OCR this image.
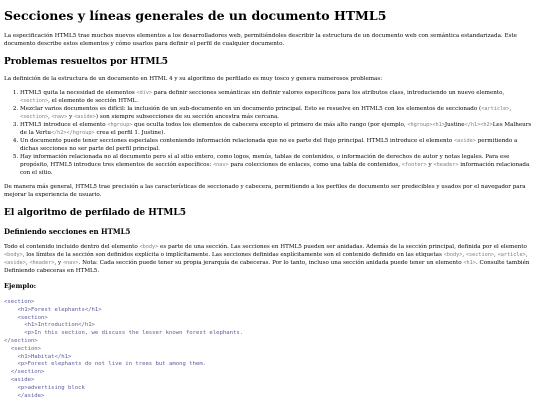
Secciones y líneas generales de un documento HTML5

La especificación HTML5 trae muchos nuevos elementos a los desarrolladores web, permitiéndoles describir la estructura de un documento web con semántica estandarizada. Este documento describe estos elementos y cómo usarlos para definir el perfil de cualquier documento.

Problemas resueltos por HTML5

La definición de la estructura de un documento en HTML 4 y su algoritmo de perfilado es muy tosco y genera numerosos problemas:

1. HTML5 quita la necesidad de elementos <div> para definir secciones semánticas sin definir valores específicos para los atributos class, introduciendo un nuevo elemento, <section>, el elemento de sección HTML.
2. Mezclar varios documentos es difícil: la inclusión de un sub-documento en un documento principal. Esto se resuelve en HTML5 con los elementos de seccionado (<article>, <section>, <nav> y <aside>) son siempre subsecciones de su sección ancestra más cercana.
3. HTML5 introduce el elemento <hgroup> que oculta todos los elementos de cabecera excepto el primero de más alto rango (por ejemplo, <hgroup><h1>Justine</h1><h2>Les Malheurs de la Vertu</h2></hgroup> crea el perfil 1. Justine).
4. Un documento puede tener secciones especiales conteniendo información relacionada que no es parte del flujo principal. HTML5 introduce el elemento <aside> permitiendo a dichas secciones no ser parte del perfil principal.
5. Hay información relacionada no al documento pero sí al sitio entero, como logos, menús, tablas de contenidos, o información de derechos de autor y notas legales. Para ese propósito, HTML5 introduce tres elementos de sección específicos: <nav> para colecciones de enlaces, como una tabla de contenidos, <footer> y <header> información relacionada con el sitio.

De manera más general, HTML5 trae precisión a las características de seccionado y cabecera, permitiendo a los perfiles de documento ser predecibles y usados por el navegador para mejorar la experiencia de usuario.

El algoritmo de perfilado de HTML5
Definiendo secciones en HTML5

Todo el contenido incluido dentro del elemento <body> es parte de una sección. Las secciones en HTML5 pueden ser anidadas. Además de la sección principal, definida por el elemento <body>, los límites de la sección son definidos explícita o implícitamente. Las secciones definidas explícitamente son el contenido definido en las etiquetas <body>, <section>, <article>, <aside>, <header>, y <nav>. Nota: Cada sección puede tener su propia jerarquía de cabeceras. Por lo tanto, incluso una sección anidada puede tener un elemento <h1>. Consulte también Definiendo cabeceras en HTML5.

Ejemplo:
<section>
<h1>Forest elephants</h1>
<section>
<h1>Introduction</h1>
<p>In this section, we discuss the lesser known forest elephants.
</section>
<section>
<h1>Habitat</h1>
<p>Forest elephants do not live in trees but among them.
</section>
<aside>
<p>advertising block
</aside>
